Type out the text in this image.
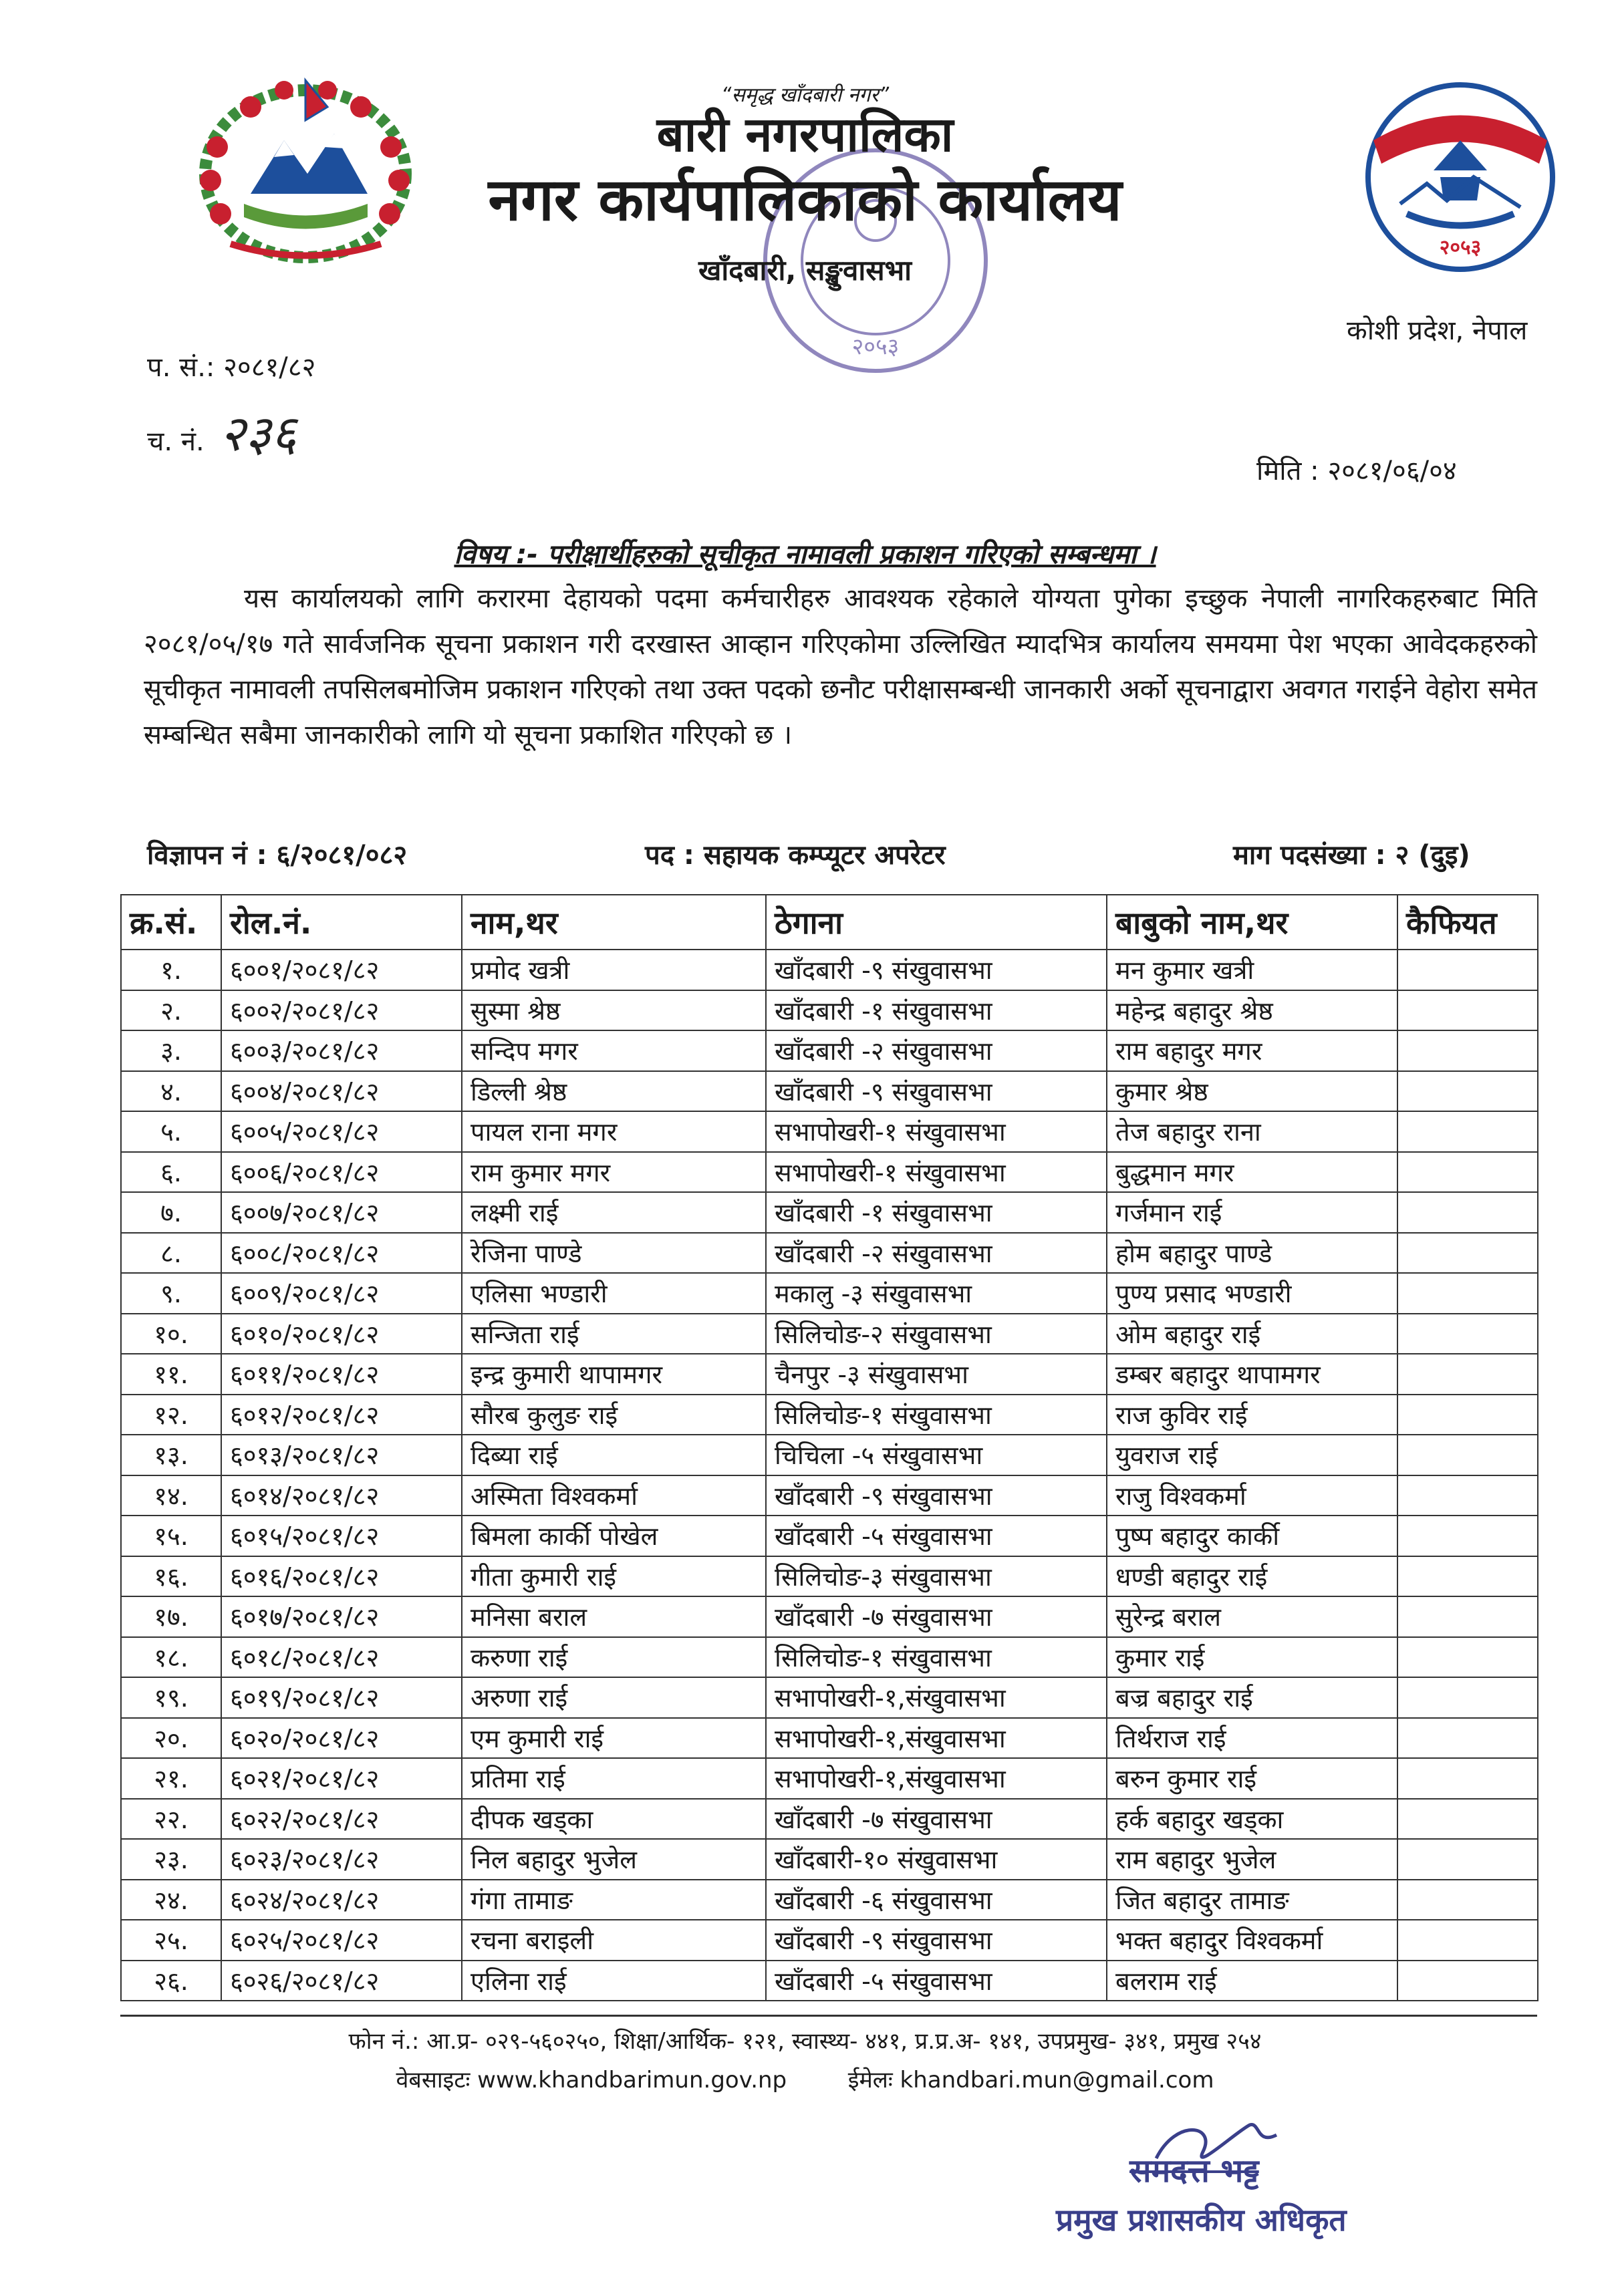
२०५३
२०५३
“समृद्ध खाँदबारी नगर”
बारी नगरपालिका
नगर कार्यपालिकाको कार्यालय
खाँदबारी, सङ्खुवासभा
कोशी प्रदेश, नेपाल
प. सं.: २०८१/८२
च. नं. २३६
मिति : २०८१/०६/०४
विषय :- परीक्षार्थीहरुको सूचीकृत नामावली प्रकाशन गरिएको सम्बन्धमा ।
यस कार्यालयको लागि करारमा देहायको पदमा कर्मचारीहरु आवश्यक रहेकाले योग्यता पुगेका इच्छुक नेपाली नागरिकहरुबाट मिति २०८१/०५/१७ गते सार्वजनिक सूचना प्रकाशन गरी दरखास्त आव्हान गरिएकोमा उल्लिखित म्यादभित्र कार्यालय समयमा पेश भएका आवेदकहरुको सूचीकृत नामावली तपसिलबमोजिम प्रकाशन गरिएको तथा उक्त पदको छनौट परीक्षासम्बन्धी जानकारी अर्को सूचनाद्वारा अवगत गराईने वेहोरा समेत सम्बन्धित सबैमा जानकारीको लागि यो सूचना प्रकाशित गरिएको छ ।
विज्ञापन नं : ६/२०८१/०८२	पद : सहायक कम्प्यूटर अपरेटर	माग पदसंख्या : २ (दुइ)
क्र.सं.	रोल.नं.	नाम,थर	ठेगाना	बाबुको नाम,थर	कैफियत
१.	६००१/२०८१/८२	प्रमोद खत्री	खाँदबारी -९ संखुवासभा	मन कुमार खत्री	
२.	६००२/२०८१/८२	सुस्मा श्रेष्ठ	खाँदबारी -१ संखुवासभा	महेन्द्र बहादुर श्रेष्ठ	
३.	६००३/२०८१/८२	सन्दिप मगर	खाँदबारी -२ संखुवासभा	राम बहादुर मगर	
४.	६००४/२०८१/८२	डिल्ली श्रेष्ठ	खाँदबारी -९ संखुवासभा	कुमार श्रेष्ठ	
५.	६००५/२०८१/८२	पायल राना मगर	सभापोखरी-१ संखुवासभा	तेज बहादुर राना	
६.	६००६/२०८१/८२	राम कुमार मगर	सभापोखरी-१ संखुवासभा	बुद्धमान मगर	
७.	६००७/२०८१/८२	लक्ष्मी राई	खाँदबारी -१ संखुवासभा	गर्जमान राई	
८.	६००८/२०८१/८२	रेजिना पाण्डे	खाँदबारी -२ संखुवासभा	होम बहादुर पाण्डे	
९.	६००९/२०८१/८२	एलिसा भण्डारी	मकालु -३ संखुवासभा	पुण्य प्रसाद भण्डारी	
१०.	६०१०/२०८१/८२	सन्जिता राई	सिलिचोङ-२ संखुवासभा	ओम बहादुर राई	
११.	६०११/२०८१/८२	इन्द्र कुमारी थापामगर	चैनपुर -३ संखुवासभा	डम्बर बहादुर थापामगर	
१२.	६०१२/२०८१/८२	सौरब कुलुङ राई	सिलिचोङ-१ संखुवासभा	राज कुविर राई	
१३.	६०१३/२०८१/८२	दिब्या राई	चिचिला -५ संखुवासभा	युवराज राई	
१४.	६०१४/२०८१/८२	अस्मिता विश्वकर्मा	खाँदबारी -९ संखुवासभा	राजु विश्वकर्मा	
१५.	६०१५/२०८१/८२	बिमला कार्की पोखेल	खाँदबारी -५ संखुवासभा	पुष्प बहादुर कार्की	
१६.	६०१६/२०८१/८२	गीता कुमारी राई	सिलिचोङ-३ संखुवासभा	धण्डी बहादुर राई	
१७.	६०१७/२०८१/८२	मनिसा बराल	खाँदबारी -७ संखुवासभा	सुरेन्द्र बराल	
१८.	६०१८/२०८१/८२	करुणा राई	सिलिचोङ-१ संखुवासभा	कुमार राई	
१९.	६०१९/२०८१/८२	अरुणा राई	सभापोखरी-१,संखुवासभा	बज्र बहादुर राई	
२०.	६०२०/२०८१/८२	एम कुमारी राई	सभापोखरी-१,संखुवासभा	तिर्थराज राई	
२१.	६०२१/२०८१/८२	प्रतिमा राई	सभापोखरी-१,संखुवासभा	बरुन कुमार राई	
२२.	६०२२/२०८१/८२	दीपक खड्का	खाँदबारी -७ संखुवासभा	हर्क बहादुर खड्का	
२३.	६०२३/२०८१/८२	निल बहादुर भुजेल	खाँदबारी-१० संखुवासभा	राम बहादुर भुजेल	
२४.	६०२४/२०८१/८२	गंगा तामाङ	खाँदबारी -६ संखुवासभा	जित बहादुर तामाङ	
२५.	६०२५/२०८१/८२	रचना बराइली	खाँदबारी -९ संखुवासभा	भक्त बहादुर विश्वकर्मा	
२६.	६०२६/२०८१/८२	एलिना राई	खाँदबारी -५ संखुवासभा	बलराम राई	
फोन नं.: आ.प्र- ०२९-५६०२५०, शिक्षा/आर्थिक- १२१, स्वास्थ्य- ४४१, प्र.प्र.अ- १४१, उपप्रमुख- ३४१, प्रमुख २५४
वेबसाइटः www.khandbarimun.gov.np	ईमेलः khandbari.mun@gmail.com
समदत्त भट्ट
प्रमुख प्रशासकीय अधिकृत
